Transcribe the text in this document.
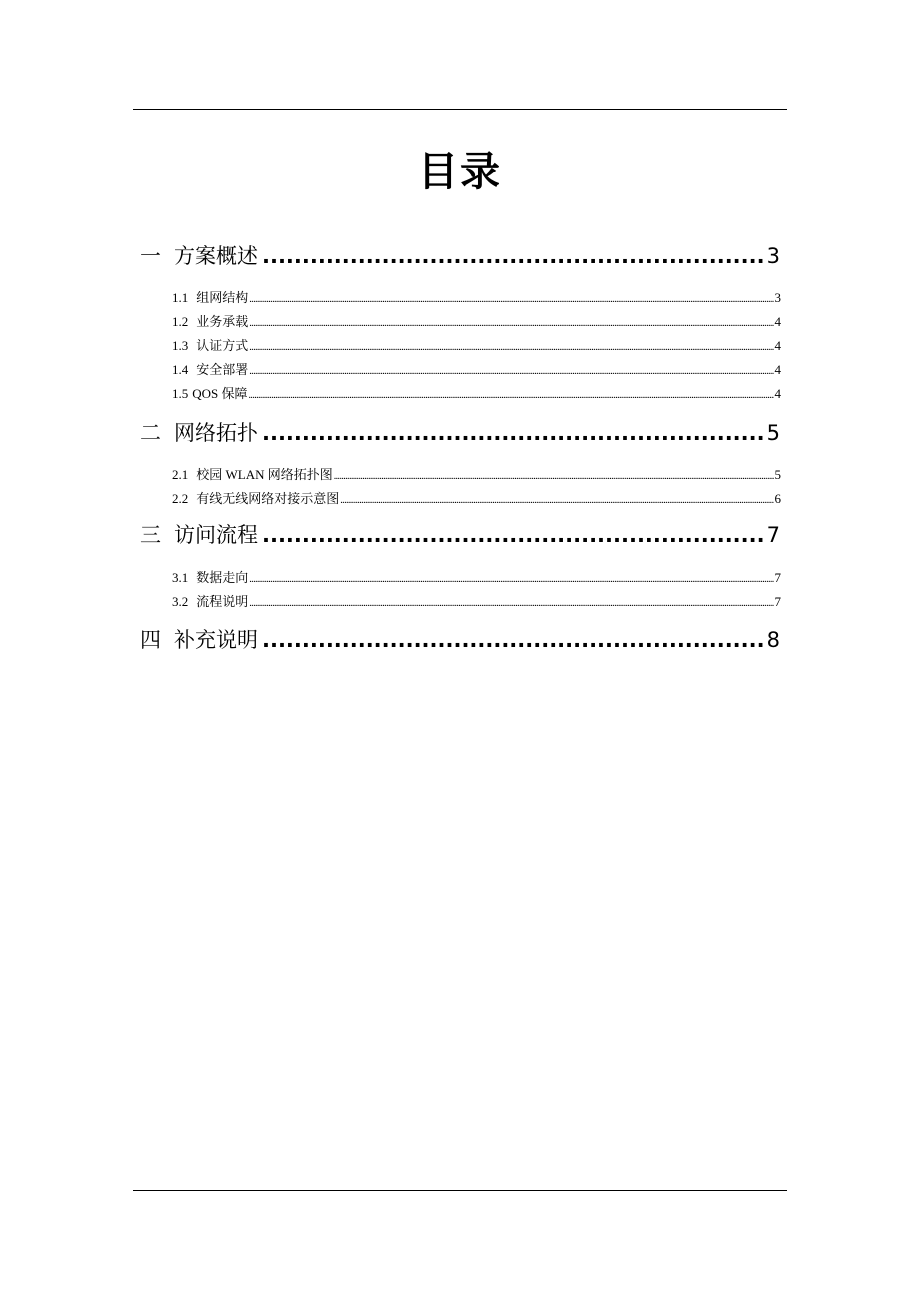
目录
一 方案概述 .....	3
1.1 组网结构 .....	3
1.2 业务承载 .....	4
1.3 认证方式 .....	4
1.4 安全部署 .....	4
1.5 QOS 保障 .....	4
二 网络拓扑 .....	5
2.1 校园 WLAN 网络拓扑图 .....	5
2.2 有线无线网络对接示意图 .....	6
三 访问流程 .....	7
3.1 数据走向 .....	7
3.2 流程说明 .....	7
四 补充说明 .....	8
